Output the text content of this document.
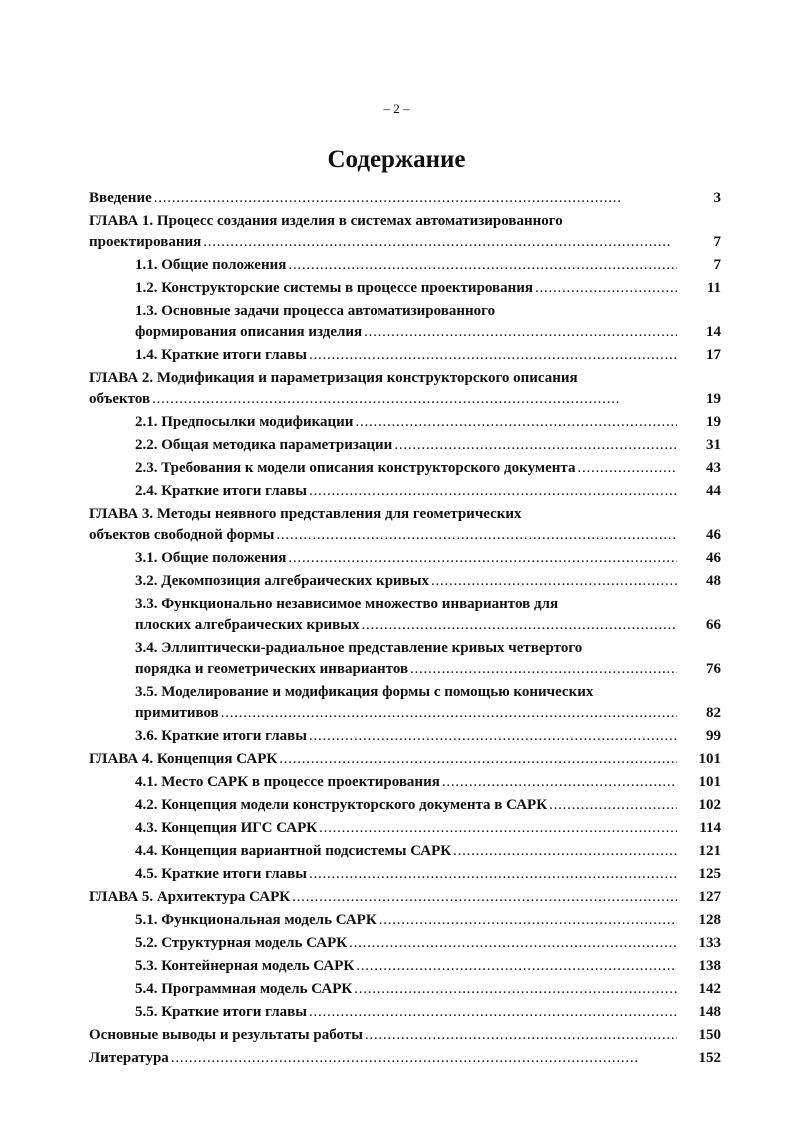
– 2 –
Содержание
Введение . . .	3
ГЛАВА 1. Процесс создания изделия в системах автоматизированного
проектирования . . .	7
1.1. Общие положения . . .	7
1.2. Конструкторские системы в процессе проектирования . . .	11
1.3. Основные задачи процесса автоматизированного
формирования описания изделия . . .	14
1.4. Краткие итоги главы . . .	17
ГЛАВА 2. Модификация и параметризация конструкторского описания
объектов . . .	19
2.1. Предпосылки модификации . . .	19
2.2. Общая методика параметризации . . .	31
2.3. Требования к модели описания конструкторского документа . . .	43
2.4. Краткие итоги главы . . .	44
ГЛАВА 3. Методы неявного представления для геометрических
объектов свободной формы . . .	46
3.1. Общие положения . . .	46
3.2. Декомпозиция алгебраических кривых . . .	48
3.3. Функционально независимое множество инвариантов для
плоских алгебраических кривых . . .	66
3.4. Эллиптически-радиальное представление кривых четвертого
порядка и геометрических инвариантов . . .	76
3.5. Моделирование и модификация формы с помощью конических
примитивов . . .	82
3.6. Краткие итоги главы . . .	99
ГЛАВА 4. Концепция САРК . . .	101
4.1. Место САРК в процессе проектирования . . .	101
4.2. Концепция модели конструкторского документа в САРК . . .	102
4.3. Концепция ИГС САРК . . .	114
4.4. Концепция вариантной подсистемы САРК . . .	121
4.5. Краткие итоги главы . . .	125
ГЛАВА 5. Архитектура САРК . . .	127
5.1. Функциональная модель САРК . . .	128
5.2. Структурная модель САРК . . .	133
5.3. Контейнерная модель САРК . . .	138
5.4. Программная модель САРК . . .	142
5.5. Краткие итоги главы . . .	148
Основные выводы и результаты работы . . .	150
Литература . . .	152
